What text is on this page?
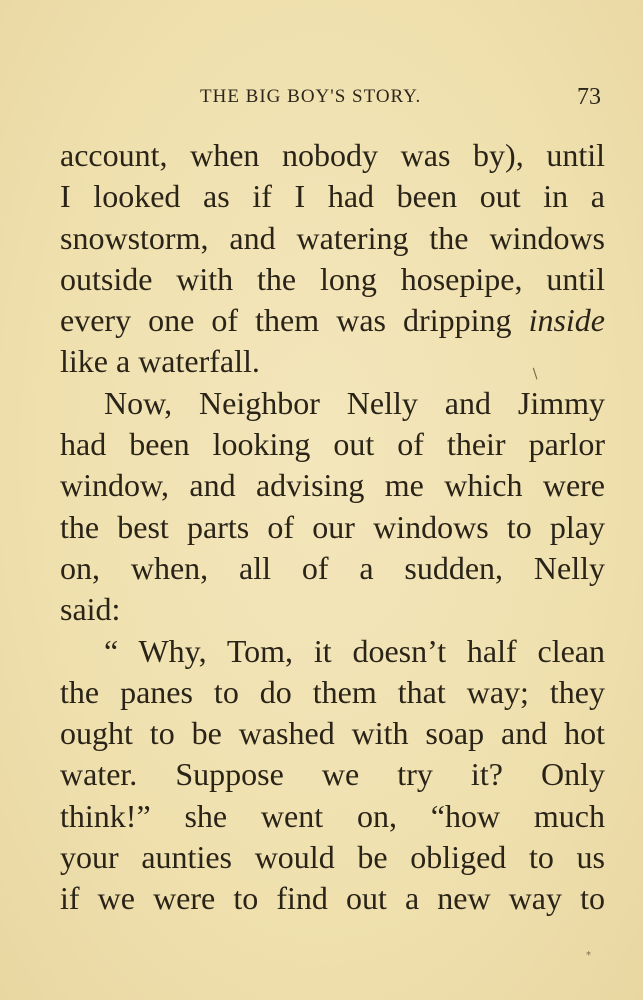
THE BIG BOY'S STORY.	73
account, when nobody was by), until
I looked as if I had been out in a
snowstorm, and watering the windows
outside with the long hosepipe, until
every one of them was dripping inside
like a waterfall.
Now, Neighbor Nelly and Jimmy
had been looking out of their parlor
window, and advising me which were
the best parts of our windows to play
on, when, all of a sudden, Nelly
said:
“ Why, Tom, it doesn’t half clean
the panes to do them that way; they
ought to be washed with soap and hot
water. Suppose we try it? Only
think!” she went on, “how much
your aunties would be obliged to us
if we were to find out a new way to
/
*
